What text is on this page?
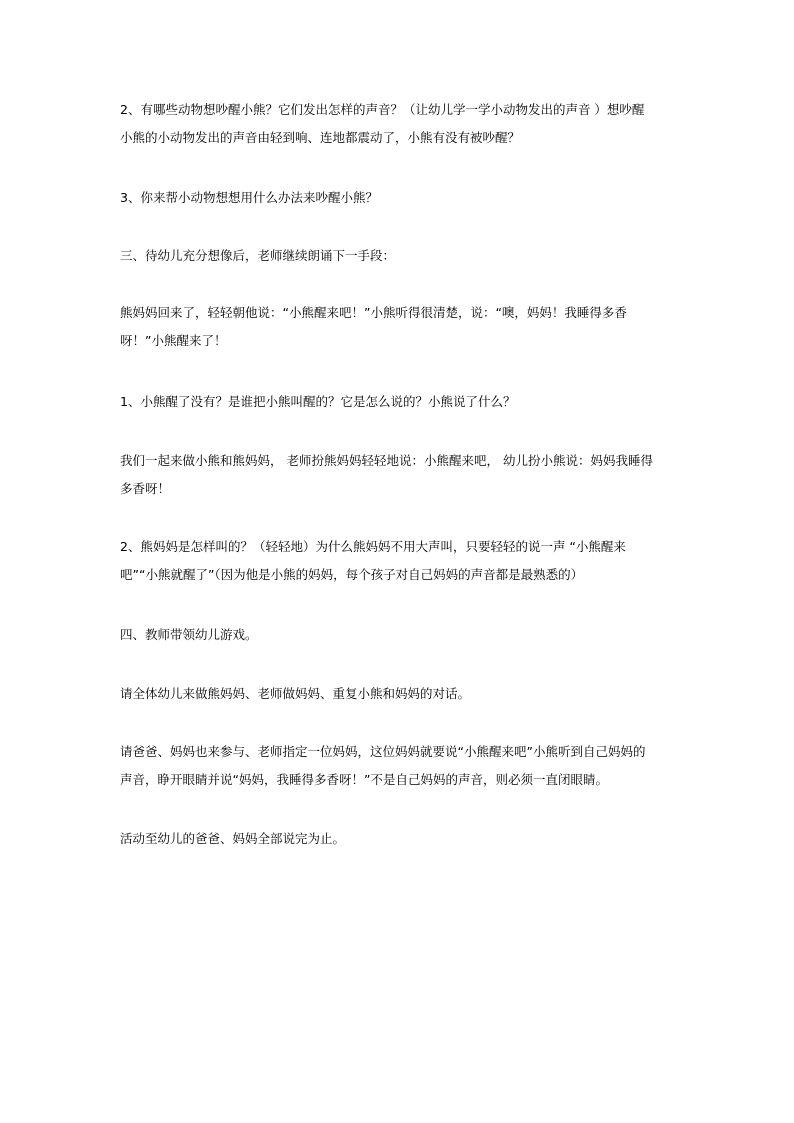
2、有哪些动物想吵醒小熊？它们发出怎样的声音？（让幼儿学一学小动物发出的声音 ）想吵醒
小熊的小动物发出的声音由轻到响、连地都震动了，小熊有没有被吵醒？

3、你来帮小动物想想用什么办法来吵醒小熊？

三、待幼儿充分想像后，老师继续朗诵下一手段：

熊妈妈回来了，轻轻朝他说：“小熊醒来吧！”小熊听得很清楚，说：“噢，妈妈！我睡得多香
呀！”小熊醒来了！

1、小熊醒了没有？是谁把小熊叫醒的？它是怎么说的？小熊说了什么？

我们一起来做小熊和熊妈妈， 老师扮熊妈妈轻轻地说：小熊醒来吧， 幼儿扮小熊说：妈妈我睡得
多香呀！

2、熊妈妈是怎样叫的？（轻轻地）为什么熊妈妈不用大声叫，只要轻轻的说一声 “小熊醒来
吧”“小熊就醒了”（因为他是小熊的妈妈，每个孩子对自己妈妈的声音都是最熟悉的）

四、教师带领幼儿游戏。

请全体幼儿来做熊妈妈、老师做妈妈、重复小熊和妈妈的对话。

请爸爸、妈妈也来参与、老师指定一位妈妈，这位妈妈就要说“小熊醒来吧”小熊听到自己妈妈的
声音，睁开眼睛并说“妈妈，我睡得多香呀！”不是自己妈妈的声音，则必须一直闭眼睛。

活动至幼儿的爸爸、妈妈全部说完为止。
